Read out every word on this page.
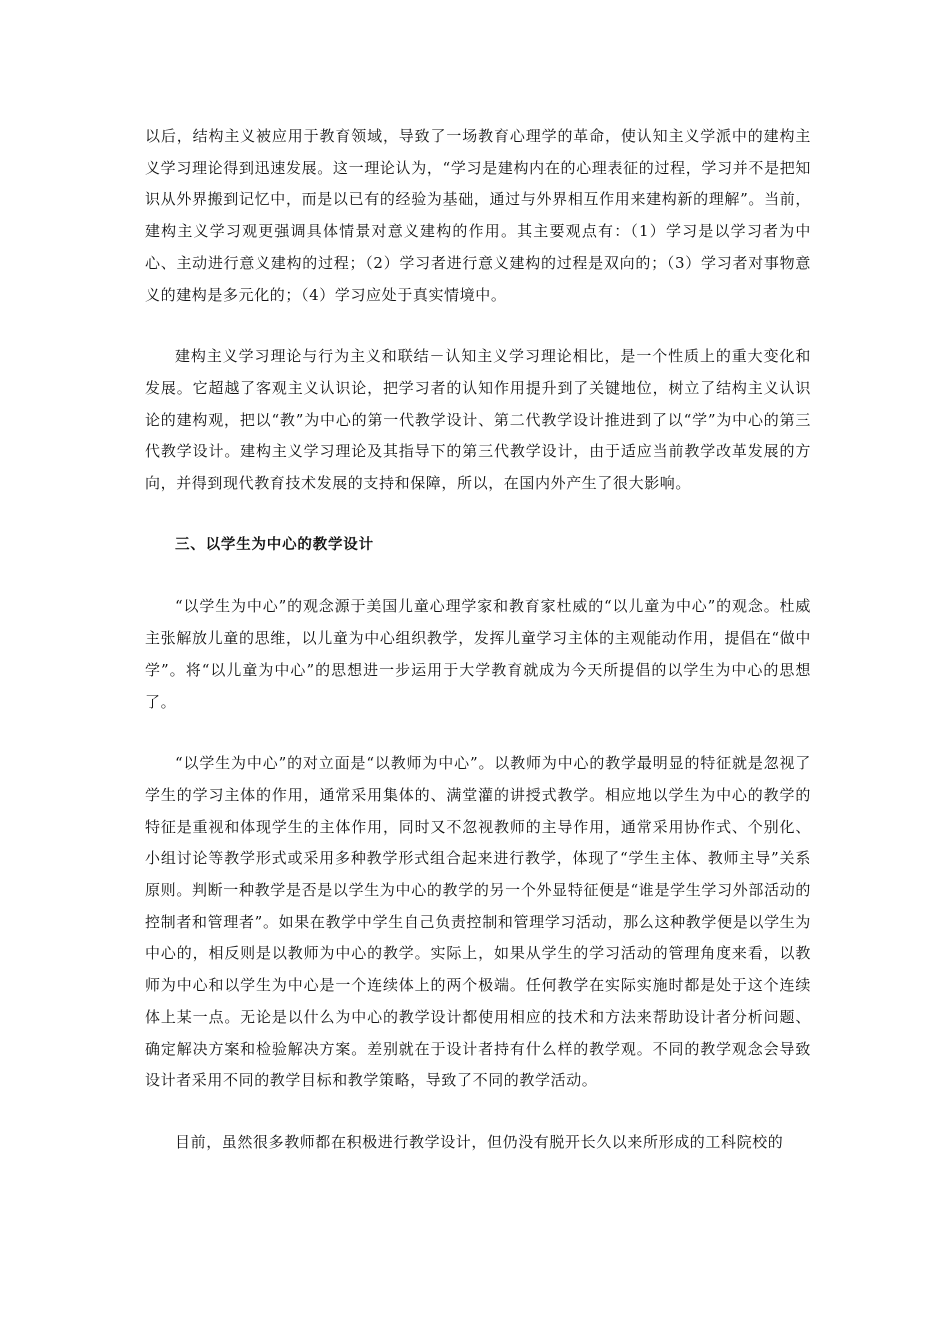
以后，结构主义被应用于教育领域，导致了一场教育心理学的革命，使认知主义学派中的建构主义学习理论得到迅速发展。这一理论认为，“学习是建构内在的心理表征的过程，学习并不是把知识从外界搬到记忆中，而是以已有的经验为基础，通过与外界相互作用来建构新的理解”。当前，建构主义学习观更强调具体情景对意义建构的作用。其主要观点有：（1）学习是以学习者为中心、主动进行意义建构的过程；（2）学习者进行意义建构的过程是双向的；（3）学习者对事物意义的建构是多元化的；（4）学习应处于真实情境中。

建构主义学习理论与行为主义和联结－认知主义学习理论相比，是一个性质上的重大变化和发展。它超越了客观主义认识论，把学习者的认知作用提升到了关键地位，树立了结构主义认识论的建构观，把以“教”为中心的第一代教学设计、第二代教学设计推进到了以“学”为中心的第三代教学设计。建构主义学习理论及其指导下的第三代教学设计，由于适应当前教学改革发展的方向，并得到现代教育技术发展的支持和保障，所以，在国内外产生了很大影响。

三、以学生为中心的教学设计

“以学生为中心”的观念源于美国儿童心理学家和教育家杜威的“以儿童为中心”的观念。杜威主张解放儿童的思维，以儿童为中心组织教学，发挥儿童学习主体的主观能动作用，提倡在“做中学”。将“以儿童为中心”的思想进一步运用于大学教育就成为今天所提倡的以学生为中心的思想了。

“以学生为中心”的对立面是“以教师为中心”。以教师为中心的教学最明显的特征就是忽视了学生的学习主体的作用，通常采用集体的、满堂灌的讲授式教学。相应地以学生为中心的教学的特征是重视和体现学生的主体作用，同时又不忽视教师的主导作用，通常采用协作式、个别化、小组讨论等教学形式或采用多种教学形式组合起来进行教学，体现了“学生主体、教师主导”关系原则。判断一种教学是否是以学生为中心的教学的另一个外显特征便是“谁是学生学习外部活动的控制者和管理者”。如果在教学中学生自己负责控制和管理学习活动，那么这种教学便是以学生为中心的，相反则是以教师为中心的教学。实际上，如果从学生的学习活动的管理角度来看，以教师为中心和以学生为中心是一个连续体上的两个极端。任何教学在实际实施时都是处于这个连续体上某一点。无论是以什么为中心的教学设计都使用相应的技术和方法来帮助设计者分析问题、确定解决方案和检验解决方案。差别就在于设计者持有什么样的教学观。不同的教学观念会导致设计者采用不同的教学目标和教学策略，导致了不同的教学活动。

目前，虽然很多教师都在积极进行教学设计，但仍没有脱开长久以来所形成的工科院校的
